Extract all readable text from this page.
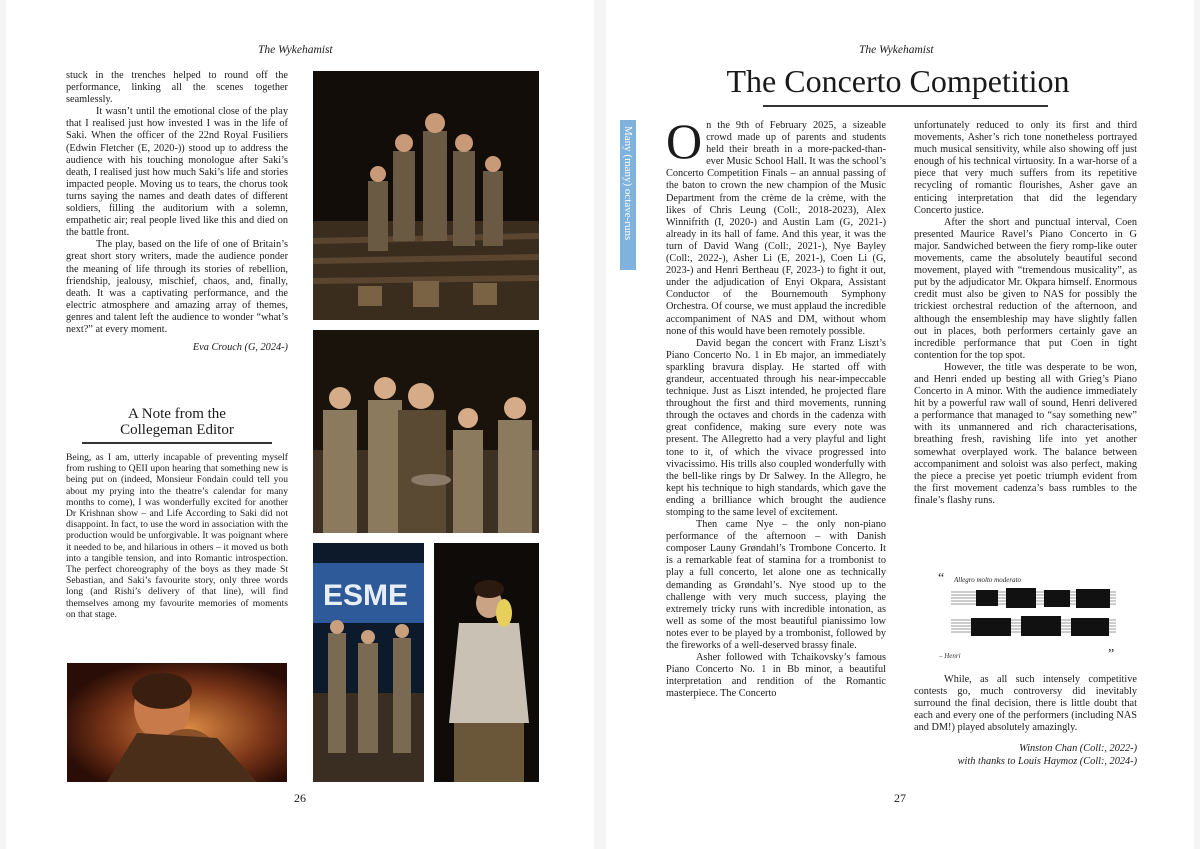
The Wykehamist

stuck in the trenches helped to round off the performance, linking all the scenes together seamlessly.

It wasn’t until the emotional close of the play that I realised just how invested I was in the life of Saki. When the officer of the 22nd Royal Fusiliers (Edwin Fletcher (E, 2020-)) stood up to address the audience with his touching monologue after Saki’s death, I realised just how much Saki’s life and stories impacted people. Moving us to tears, the chorus took turns saying the names and death dates of different soldiers, filling the auditorium with a solemn, empathetic air; real people lived like this and died on the battle front.

The play, based on the life of one of Britain’s great short story writers, made the audience ponder the meaning of life through its stories of rebellion, friendship, jealousy, mischief, chaos, and, finally, death. It was a captivating performance, and the electric atmosphere and amazing array of themes, genres and talent left the audience to wonder “what’s next?” at every moment.

Eva Crouch (G, 2024-)
A Note from the
Collegeman Editor

Being, as I am, utterly incapable of preventing myself from rushing to QEII upon hearing that something new is being put on (indeed, Monsieur Fondain could tell you about my prying into the theatre’s calendar for many months to come), I was wonderfully excited for another Dr Krishnan show – and Life According to Saki did not disappoint. In fact, to use the word in association with the production would be unforgivable. It was poignant where it needed to be, and hilarious in others – it moved us both into a tangible tension, and into Romantic introspection. The perfect choreography of the boys as they made St Sebastian, and Saki’s favourite story, only three words long (and Rishi’s delivery of that line), will find themselves among my favourite memories of moments on that stage.

ESME
26
The Wykehamist
The Concerto Competition
Many (many) octave-runs On the 9th of February 2025, a sizeable crowd made up of parents and students held their breath in a more-packed-than-ever Music School Hall. It was the school’s Concerto Competition Finals – an annual passing of the baton to crown the new champion of the Music Department from the crème de la crème, with the likes of Chris Leung (Coll:, 2018-2023), Alex Winnifrith (I, 2020-) and Austin Lam (G, 2021-) already in its hall of fame. And this year, it was the turn of David Wang (Coll:, 2021-), Nye Bayley (Coll:, 2022-), Asher Li (E, 2021-), Coen Li (G, 2023-) and Henri Bertheau (F, 2023-) to fight it out, under the adjudication of Enyi Okpara, Assistant Conductor of the Bournemouth Symphony Orchestra. Of course, we must applaud the incredible accompaniment of NAS and DM, without whom none of this would have been remotely possible.

David began the concert with Franz Liszt’s Piano Concerto No. 1 in Eb major, an immediately sparkling bravura display. He started off with grandeur, accentuated through his near-impeccable technique. Just as Liszt intended, he projected flare throughout the first and third movements, running through the octaves and chords in the cadenza with great confidence, making sure every note was present. The Allegretto had a very playful and light tone to it, of which the vivace progressed into vivacissimo. His trills also coupled wonderfully with the bell-like rings by Dr Salwey. In the Allegro, he kept his technique to high standards, which gave the ending a brilliance which brought the audience stomping to the same level of excitement.

Then came Nye – the only non-piano performance of the afternoon – with Danish composer Launy Grøndahl’s Trombone Concerto. It is a remarkable feat of stamina for a trombonist to play a full concerto, let alone one as technically demanding as Grøndahl’s. Nye stood up to the challenge with very much success, playing the extremely tricky runs with incredible intonation, as well as some of the most beautiful pianissimo low notes ever to be played by a trombonist, followed by the fireworks of a well-deserved brassy finale.

Asher followed with Tchaikovsky’s famous Piano Concerto No. 1 in Bb minor, a beautiful interpretation and rendition of the Romantic masterpiece. The Concerto

unfortunately reduced to only its first and third movements, Asher’s rich tone nonetheless portrayed much musical sensitivity, while also showing off just enough of his technical virtuosity. In a war-horse of a piece that very much suffers from its repetitive recycling of romantic flourishes, Asher gave an enticing interpretation that did the legendary Concerto justice.

After the short and punctual interval, Coen presented Maurice Ravel’s Piano Concerto in G major. Sandwiched between the fiery romp-like outer movements, came the absolutely beautiful second movement, played with “tremendous musicality”, as put by the adjudicator Mr. Okpara himself. Enormous credit must also be given to NAS for possibly the trickiest orchestral reduction of the afternoon, and although the ensembleship may have slightly fallen out in places, both performers certainly gave an incredible performance that put Coen in tight contention for the top spot.

However, the title was desperate to be won, and Henri ended up besting all with Grieg’s Piano Concerto in A minor. With the audience immediately hit by a powerful raw wall of sound, Henri delivered a performance that managed to “say something new” with its unmannered and rich characterisations, breathing fresh, ravishing life into yet another somewhat overplayed work. The balance between accompaniment and soloist was also perfect, making the piece a precise yet poetic triumph evident from the first movement cadenza’s bass rumbles to the finale’s flashy runs.

“ Allegro molto moderato
– Henri	”

While, as all such intensely competitive contests go, much controversy did inevitably surround the final decision, there is little doubt that each and every one of the performers (including NAS and DM!) played absolutely amazingly.

Winston Chan (Coll:, 2022-)
with thanks to Louis Haymoz (Coll:, 2024-)
27
